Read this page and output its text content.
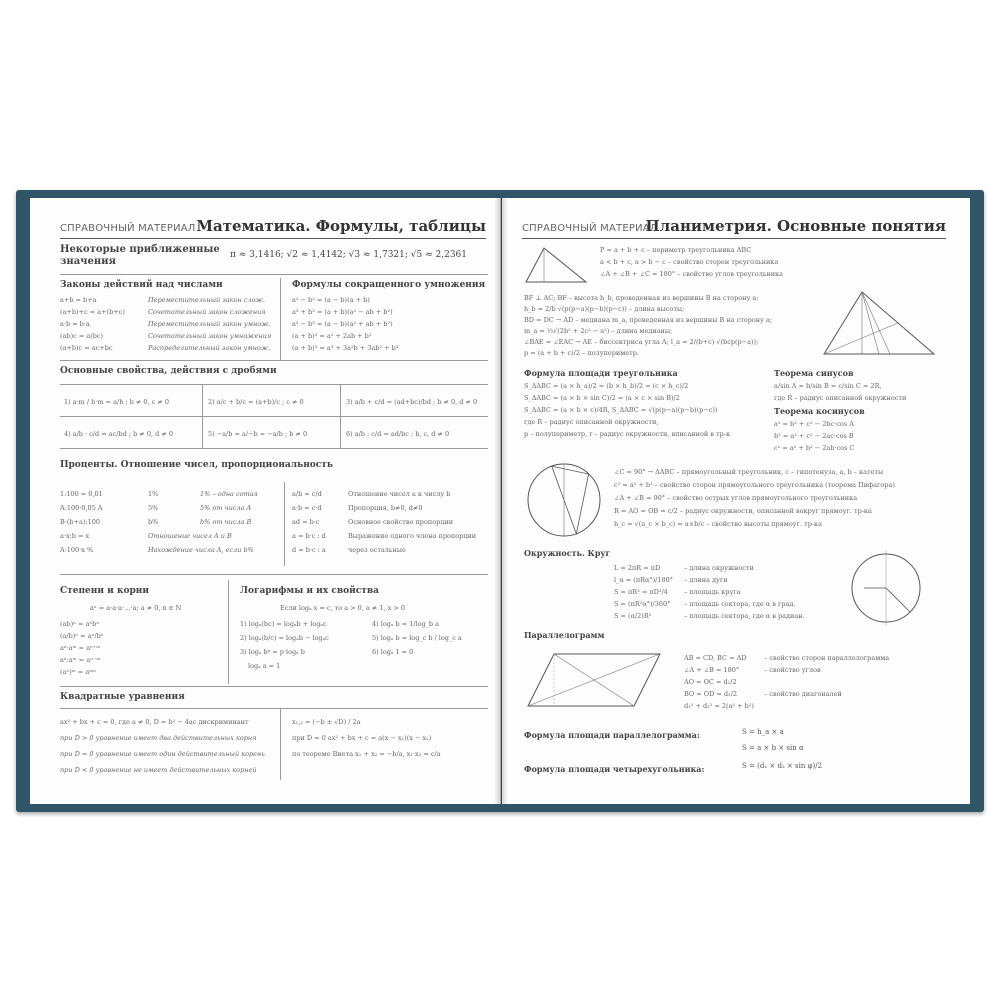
СПРАВОЧНЫЙ МАТЕРИАЛ Математика. Формулы, таблицы
Некоторые приближенные
значения
π ≈ 3,1416; √2 ≈ 1,4142; √3 ≈ 1,7321; √5 ≈ 2,2361
Законы действий над числами
a+b = b+a	Переместительный закон слож.
(a+b)+c = a+(b+c)	Сочетательный закон сложения
a·b = b·a	Переместительный закон умнож.
(ab)c = a(bc)	Сочетательный закон умножения
(a+b)c = ac+bc	Распределительный закон умнож.
Формулы сокращенного умножения
a² − b² = (a − b)(a + b)
a³ + b³ = (a + b)(a² − ab + b²)
a³ − b³ = (a − b)(a² + ab + b²)
(a + b)² = a² + 2ab + b²
(a + b)³ = a³ + 3a²b + 3ab² + b³
Основные свойства, действия с дробями
1) a·m / b·m = a/b ; b ≠ 0, c ≠ 0	2) a/c + b/c = (a+b)/c ; c ≠ 0	3) a/b + c/d = (ad+bc)/bd ; b ≠ 0, d ≠ 0
4) a/b · c/d = ac/bd ; b ≠ 0, d ≠ 0	5) −a/b = a/−b = −a/b ; b ≠ 0	6) a/b : c/d = ad/bc ; b, c, d ≠ 0
Проценты. Отношение чисел, пропорциональность
1:100 = 0,01	1%	1% – одна сотая
A:100·0,05 A	5%	5% от числа A
B·(b+a):100	b%	b% от числа B
a·x:b = x	Отношение чисел A и B
A·100·x %	Нахождение числа A, если b%
a/b = c/d	Отношение чисел a к числу b
a·b = c·d	Пропорция, b≠0, d≠0
ad = b·c	Основное свойство пропорции
a = b·c : d	Выражение одного члена пропорции
d = b·c : a	через остальные
Степени и корни
aⁿ = a·a·a·…·a; a ≠ 0, n ∈ N
(ab)ⁿ = aⁿbⁿ
(a/b)ⁿ = aⁿ/bⁿ
aⁿ·aᵐ = aⁿ⁺ᵐ
aⁿ:aᵐ = aⁿ⁻ᵐ
(aⁿ)ᵐ = aⁿᵐ
Логарифмы и их свойства
Если logₐ x = c, то a > 0, a ≠ 1, x > 0
1) logₐ(bc) = logₐb + logₐc
2) logₐ(b/c) = logₐb − logₐc
3) logₐ bᵖ = p·logₐ b
logₐ a = 1
4) logₐ b = 1/log_b a
5) logₐ b = log_c b / log_c a
6) logₐ 1 = 0
Квадратные уравнения
ax² + bx + c = 0, где a ≠ 0, D = b² − 4ac дискриминант
при D > 0 уравнение имеет два действительных корня
при D = 0 уравнение имеет один действительный корень
при D < 0 уравнение не имеет действительных корней
x₁,₂ = (−b ± √D) / 2a
при D = 0 ax² + bx + c = a(x − x₁)(x − x₂)
по теореме Виета x₁ + x₂ = −b/a, x₁·x₂ = c/a
СПРАВОЧНЫЙ МАТЕРИАЛ
Планиметрия. Основные понятия
P = a + b + c – периметр треугольника ABC
a < b + c, a > b − c – свойство сторон треугольника
∠A + ∠B + ∠C = 180° – свойство углов треугольника
BF ⊥ AC; BF – высота h_b, проведенная из вершины B на сторону a;
h_b = 2/b √(p(p−a)(p−b)(p−c)) – длина высоты;
BD = DC → AD – медиана m_a, проведенная из вершины B на сторону a;
m_a = ½√(2b² + 2c² − a²) – длина медианы;
∠BAE = ∠EAC → AE – биссектриса угла A; l_a = 2/(b+c) √(bcp(p−a));
p = (a + b + c)/2 – полупериметр.
Формула площади треугольника
S_ΔABC = (a × h_a)/2 = (b × h_b)/2 = (c × h_c)/2
S_ΔABC = (a × b × sin C)/2 = (a × c × sin B)/2
S_ΔABC = (a × b × c)/4R, S_ΔABC = √(p(p−a)(p−b)(p−c))
где R – радиус описанной окружности,
p – полупериметр, r – радиус окружности, вписанной в тр-к
Теорема синусов
a/sin A = b/sin B = c/sin C = 2R,
где R – радиус описанной окружности
Теорема косинусов
a² = b² + c² − 2bc·cos A
b² = a² + c² − 2ac·cos B
c² = a² + b² − 2ab·cos C
∠C = 90° → ΔABC – прямоугольный треугольник, c – гипотенуза, a, b – катеты
c² = a² + b² – свойство сторон прямоугольного треугольника (теорема Пифагора)
∠A + ∠B = 90° – свойство острых углов прямоугольного треугольника
R = AO = OB = c/2 – радиус окружности, описанной вокруг прямоуг. тр-ка
h_c = √(a_c × b_c) = a×b/c – свойство высоты прямоуг. тр-ка
Окружность. Круг
L = 2πR = πD	– длина окружности
l_α = (πRα°)/180° – длина дуги
S = πR² = πD²/4 – площадь круга
S = (πR²α°)/360° – площадь сектора, где α в град.
S = (α/2)R²	– площадь сектора, где α в радиан.
Параллелограмм
AB = CD, BC = AD	– свойство сторон параллелограмма
∠A + ∠B = 180°	– свойство углов
AO = OC = d₁/2
BO = OD = d₂/2	– свойство диагоналей
d₁² + d₂² = 2(a² + b²)
Формула площади параллелограмма:	S = h_a × a
S = a × b × sin α
Формула площади четырехугольника:	S = (d₁ × d₂ × sin φ)/2
